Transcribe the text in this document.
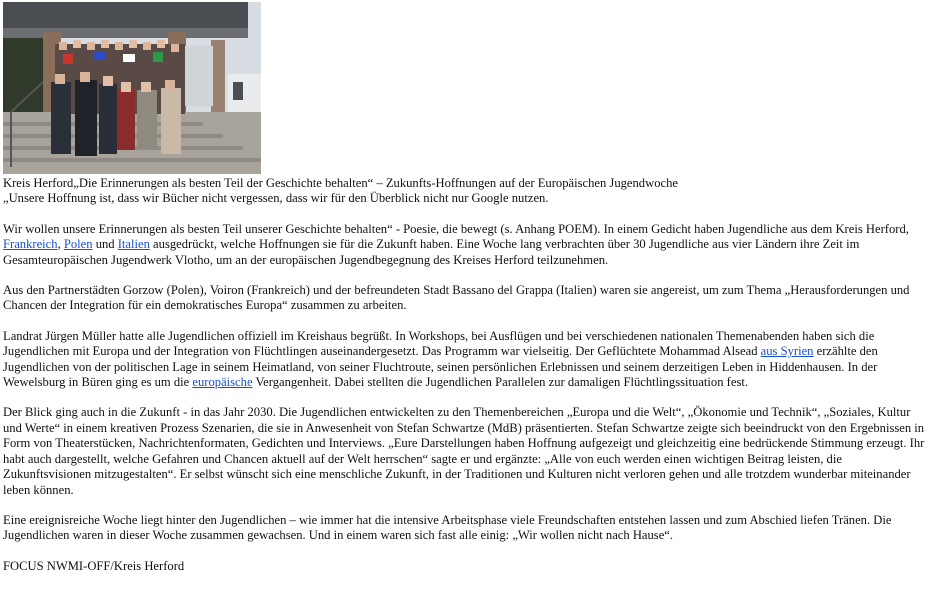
Kreis Herford„Die Erinnerungen als besten Teil der Geschichte behalten“ – Zukunfts-Hoffnungen auf der Europäischen Jugendwoche
„Unsere Hoffnung ist, dass wir Bücher nicht vergessen, dass wir für den Überblick nicht nur Google nutzen.

Wir wollen unsere Erinnerungen als besten Teil unserer Geschichte behalten“ - Poesie, die bewegt (s. Anhang POEM). In einem Gedicht haben Jugendliche aus dem Kreis Herford, Frankreich, Polen und Italien ausgedrückt, welche Hoffnungen sie für die Zukunft haben. Eine Woche lang verbrachten über 30 Jugendliche aus vier Ländern ihre Zeit im Gesamteuropäischen Jugendwerk Vlotho, um an der europäischen Jugendbegegnung des Kreises Herford teilzunehmen.

Aus den Partnerstädten Gorzow (Polen), Voiron (Frankreich) und der befreundeten Stadt Bassano del Grappa (Italien) waren sie angereist, um zum Thema „Herausforderungen und Chancen der Integration für ein demokratisches Europa“ zusammen zu arbeiten.

Landrat Jürgen Müller hatte alle Jugendlichen offiziell im Kreishaus begrüßt. In Workshops, bei Ausflügen und bei verschiedenen nationalen Themenabenden haben sich die Jugendlichen mit Europa und der Integration von Flüchtlingen auseinandergesetzt. Das Programm war vielseitig. Der Geflüchtete Mohammad Alsead aus Syrien erzählte den Jugendlichen von der politischen Lage in seinem Heimatland, von seiner Fluchtroute, seinen persönlichen Erlebnissen und seinem derzeitigen Leben in Hiddenhausen. In der Wewelsburg in Büren ging es um die europäische Vergangenheit. Dabei stellten die Jugendlichen Parallelen zur damaligen Flüchtlingssituation fest.

Der Blick ging auch in die Zukunft - in das Jahr 2030. Die Jugendlichen entwickelten zu den Themenbereichen „Europa und die Welt“, „Ökonomie und Technik“, „Soziales, Kultur und Werte“ in einem kreativen Prozess Szenarien, die sie in Anwesenheit von Stefan Schwartze (MdB) präsentierten. Stefan Schwartze zeigte sich beeindruckt von den Ergebnissen in Form von Theaterstücken, Nachrichtenformaten, Gedichten und Interviews. „Eure Darstellungen haben Hoffnung aufgezeigt und gleichzeitig eine bedrückende Stimmung erzeugt. Ihr habt auch dargestellt, welche Gefahren und Chancen aktuell auf der Welt herrschen“ sagte er und ergänzte: „Alle von euch werden einen wichtigen Beitrag leisten, die Zukunftsvisionen mitzugestalten“. Er selbst wünscht sich eine menschliche Zukunft, in der Traditionen und Kulturen nicht verloren gehen und alle trotzdem wunderbar miteinander leben können.

Eine ereignisreiche Woche liegt hinter den Jugendlichen – wie immer hat die intensive Arbeitsphase viele Freundschaften entstehen lassen und zum Abschied liefen Tränen. Die Jugendlichen waren in dieser Woche zusammen gewachsen. Und in einem waren sich fast alle einig: „Wir wollen nicht nach Hause“.

FOCUS NWMI-OFF/Kreis Herford
